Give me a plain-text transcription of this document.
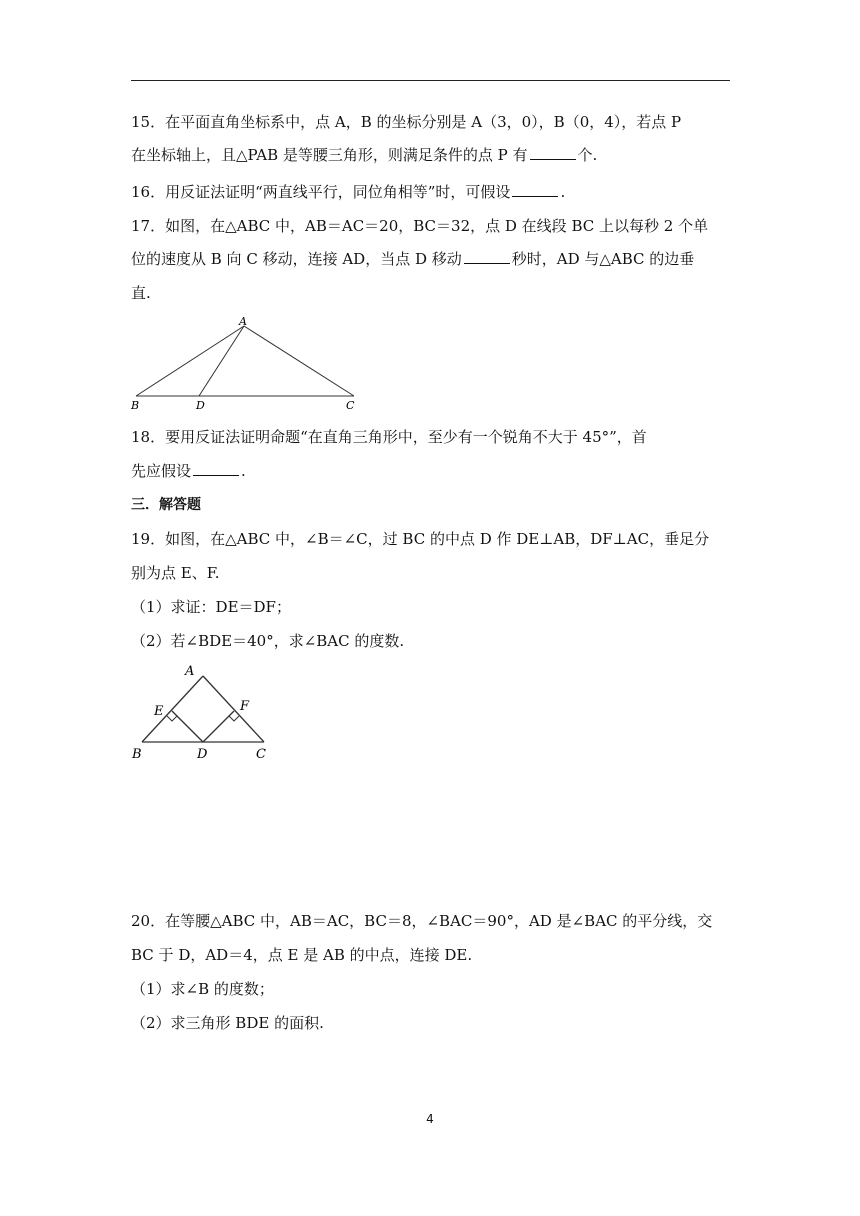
15．在平面直角坐标系中，点 A，B 的坐标分别是 A（3，0），B（0，4），若点 P
在坐标轴上，且△PAB 是等腰三角形，则满足条件的点 P 有	个.
16．用反证法证明“两直线平行，同位角相等”时，可假设	.
17．如图，在△ABC 中，AB＝AC＝20，BC＝32，点 D 在线段 BC 上以每秒 2 个单
位的速度从 B 向 C 移动，连接 AD，当点 D 移动	秒时，AD 与△ABC 的边垂
直.
A
B	D	C
18．要用反证法证明命题“在直角三角形中，至少有一个锐角不大于 45°”，首
先应假设	.
三．解答题
19．如图，在△ABC 中，∠B＝∠C，过 BC 的中点 D 作 DE⊥AB，DF⊥AC，垂足分
别为点 E、F.
（1）求证：DE＝DF；
（2）若∠BDE＝40°，求∠BAC 的度数.
A
E	F
B	D	C
20．在等腰△ABC 中，AB＝AC，BC＝8，∠BAC＝90°，AD 是∠BAC 的平分线，交
BC 于 D，AD＝4，点 E 是 AB 的中点，连接 DE.
（1）求∠B 的度数；
（2）求三角形 BDE 的面积.
4
